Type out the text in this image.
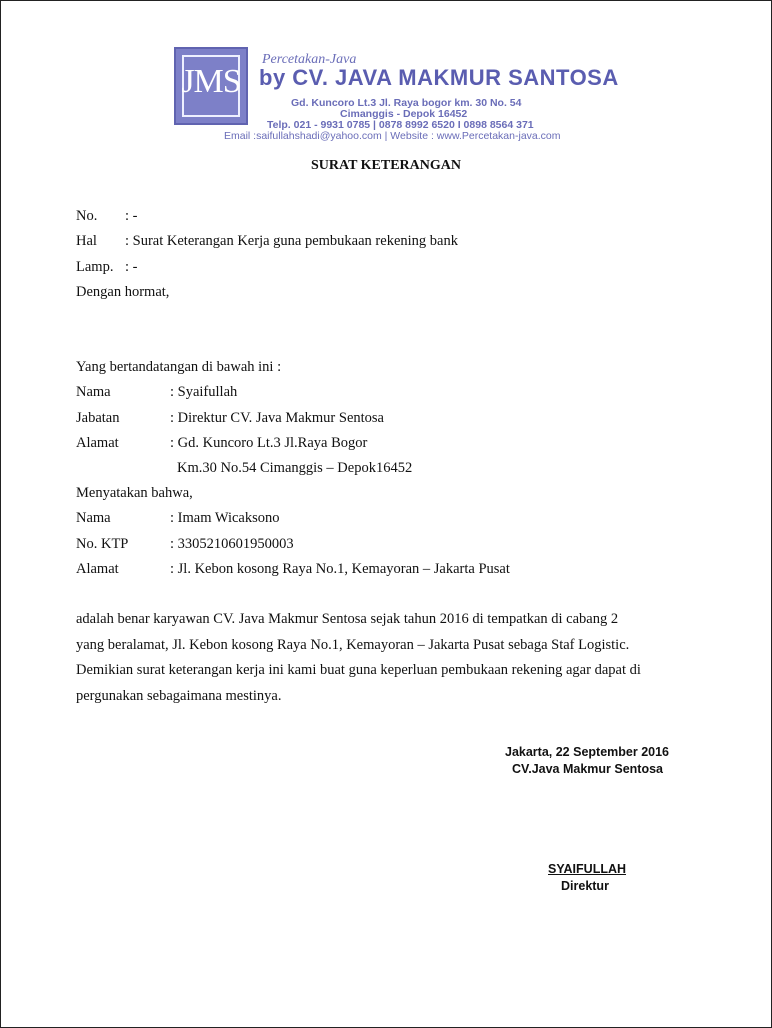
JMS
Percetakan-Java
by CV. JAVA MAKMUR SANTOSA
Gd. Kuncoro Lt.3 Jl. Raya bogor km. 30 No. 54
Cimanggis - Depok 16452
Telp. 021 - 9931 0785 | 0878 8992 6520 I 0898 8564 371
Email :saifullahshadi@yahoo.com | Website : www.Percetakan-java.com
SURAT KETERANGAN
No. : -
Hal : Surat Keterangan Kerja guna pembukaan rekening bank
Lamp. : -
Dengan hormat,
Yang bertandatangan di bawah ini :
Nama	: Syaifullah
Jabatan	: Direktur CV. Java Makmur Sentosa
Alamat	: Gd. Kuncoro Lt.3 Jl.Raya Bogor
Km.30 No.54 Cimanggis – Depok16452
Menyatakan bahwa,
Nama	: Imam Wicaksono
No. KTP	: 3305210601950003
Alamat	: Jl. Kebon kosong Raya No.1, Kemayoran – Jakarta Pusat
adalah benar karyawan CV. Java Makmur Sentosa sejak tahun 2016 di tempatkan di cabang 2
yang beralamat, Jl. Kebon kosong Raya No.1, Kemayoran – Jakarta Pusat sebaga Staf Logistic.
Demikian surat keterangan kerja ini kami buat guna keperluan pembukaan rekening agar dapat di
pergunakan sebagaimana mestinya.
Jakarta, 22 September 2016
CV.Java Makmur Sentosa
SYAIFULLAH
Direktur
